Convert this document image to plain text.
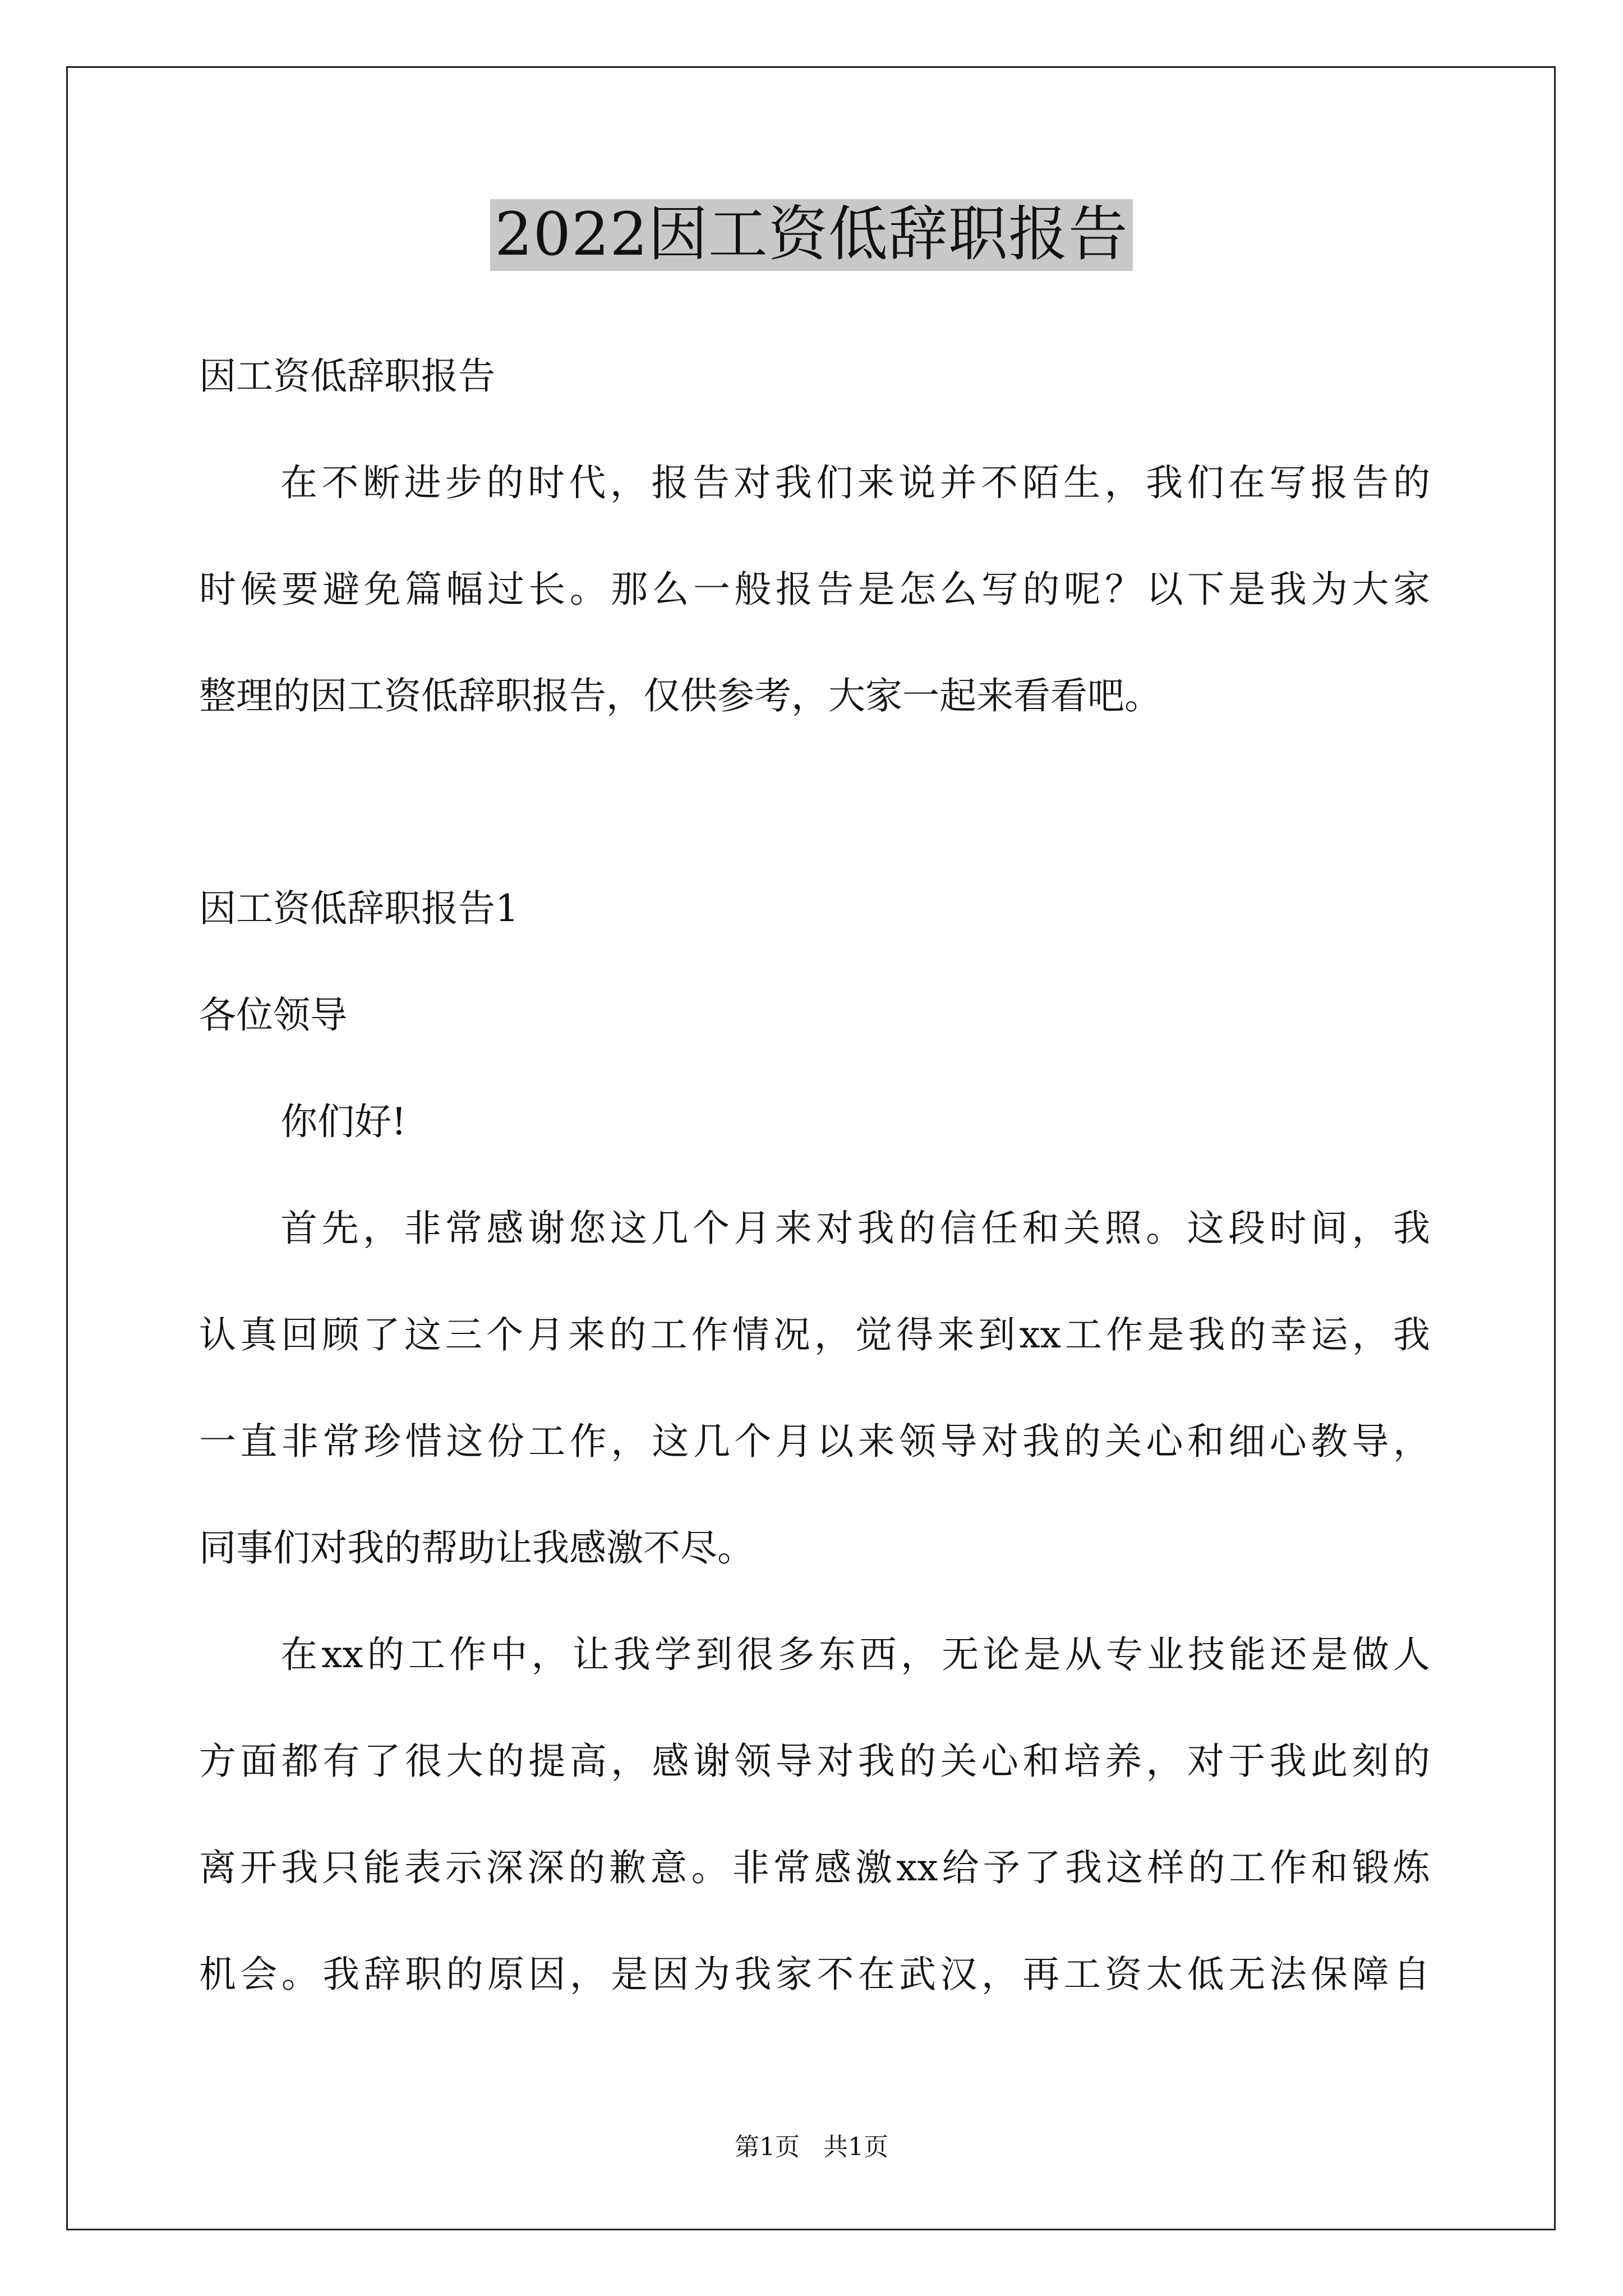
2022因工资低辞职报告
因工资低辞职报告
在不断进步的时代，报告对我们来说并不陌生，我们在写报告的
时候要避免篇幅过长。那么一般报告是怎么写的呢？以下是我为大家
整理的因工资低辞职报告，仅供参考，大家一起来看看吧。
因工资低辞职报告1
各位领导
你们好!
首先，非常感谢您这几个月来对我的信任和关照。这段时间，我
认真回顾了这三个月来的工作情况，觉得来到xx工作是我的幸运，我
一直非常珍惜这份工作，这几个月以来领导对我的关心和细心教导，
同事们对我的帮助让我感激不尽。
在xx的工作中，让我学到很多东西，无论是从专业技能还是做人
方面都有了很大的提高，感谢领导对我的关心和培养，对于我此刻的
离开我只能表示深深的歉意。非常感激xx给予了我这样的工作和锻炼
机会。我辞职的原因，是因为我家不在武汉，再工资太低无法保障自
第1页   共1页
